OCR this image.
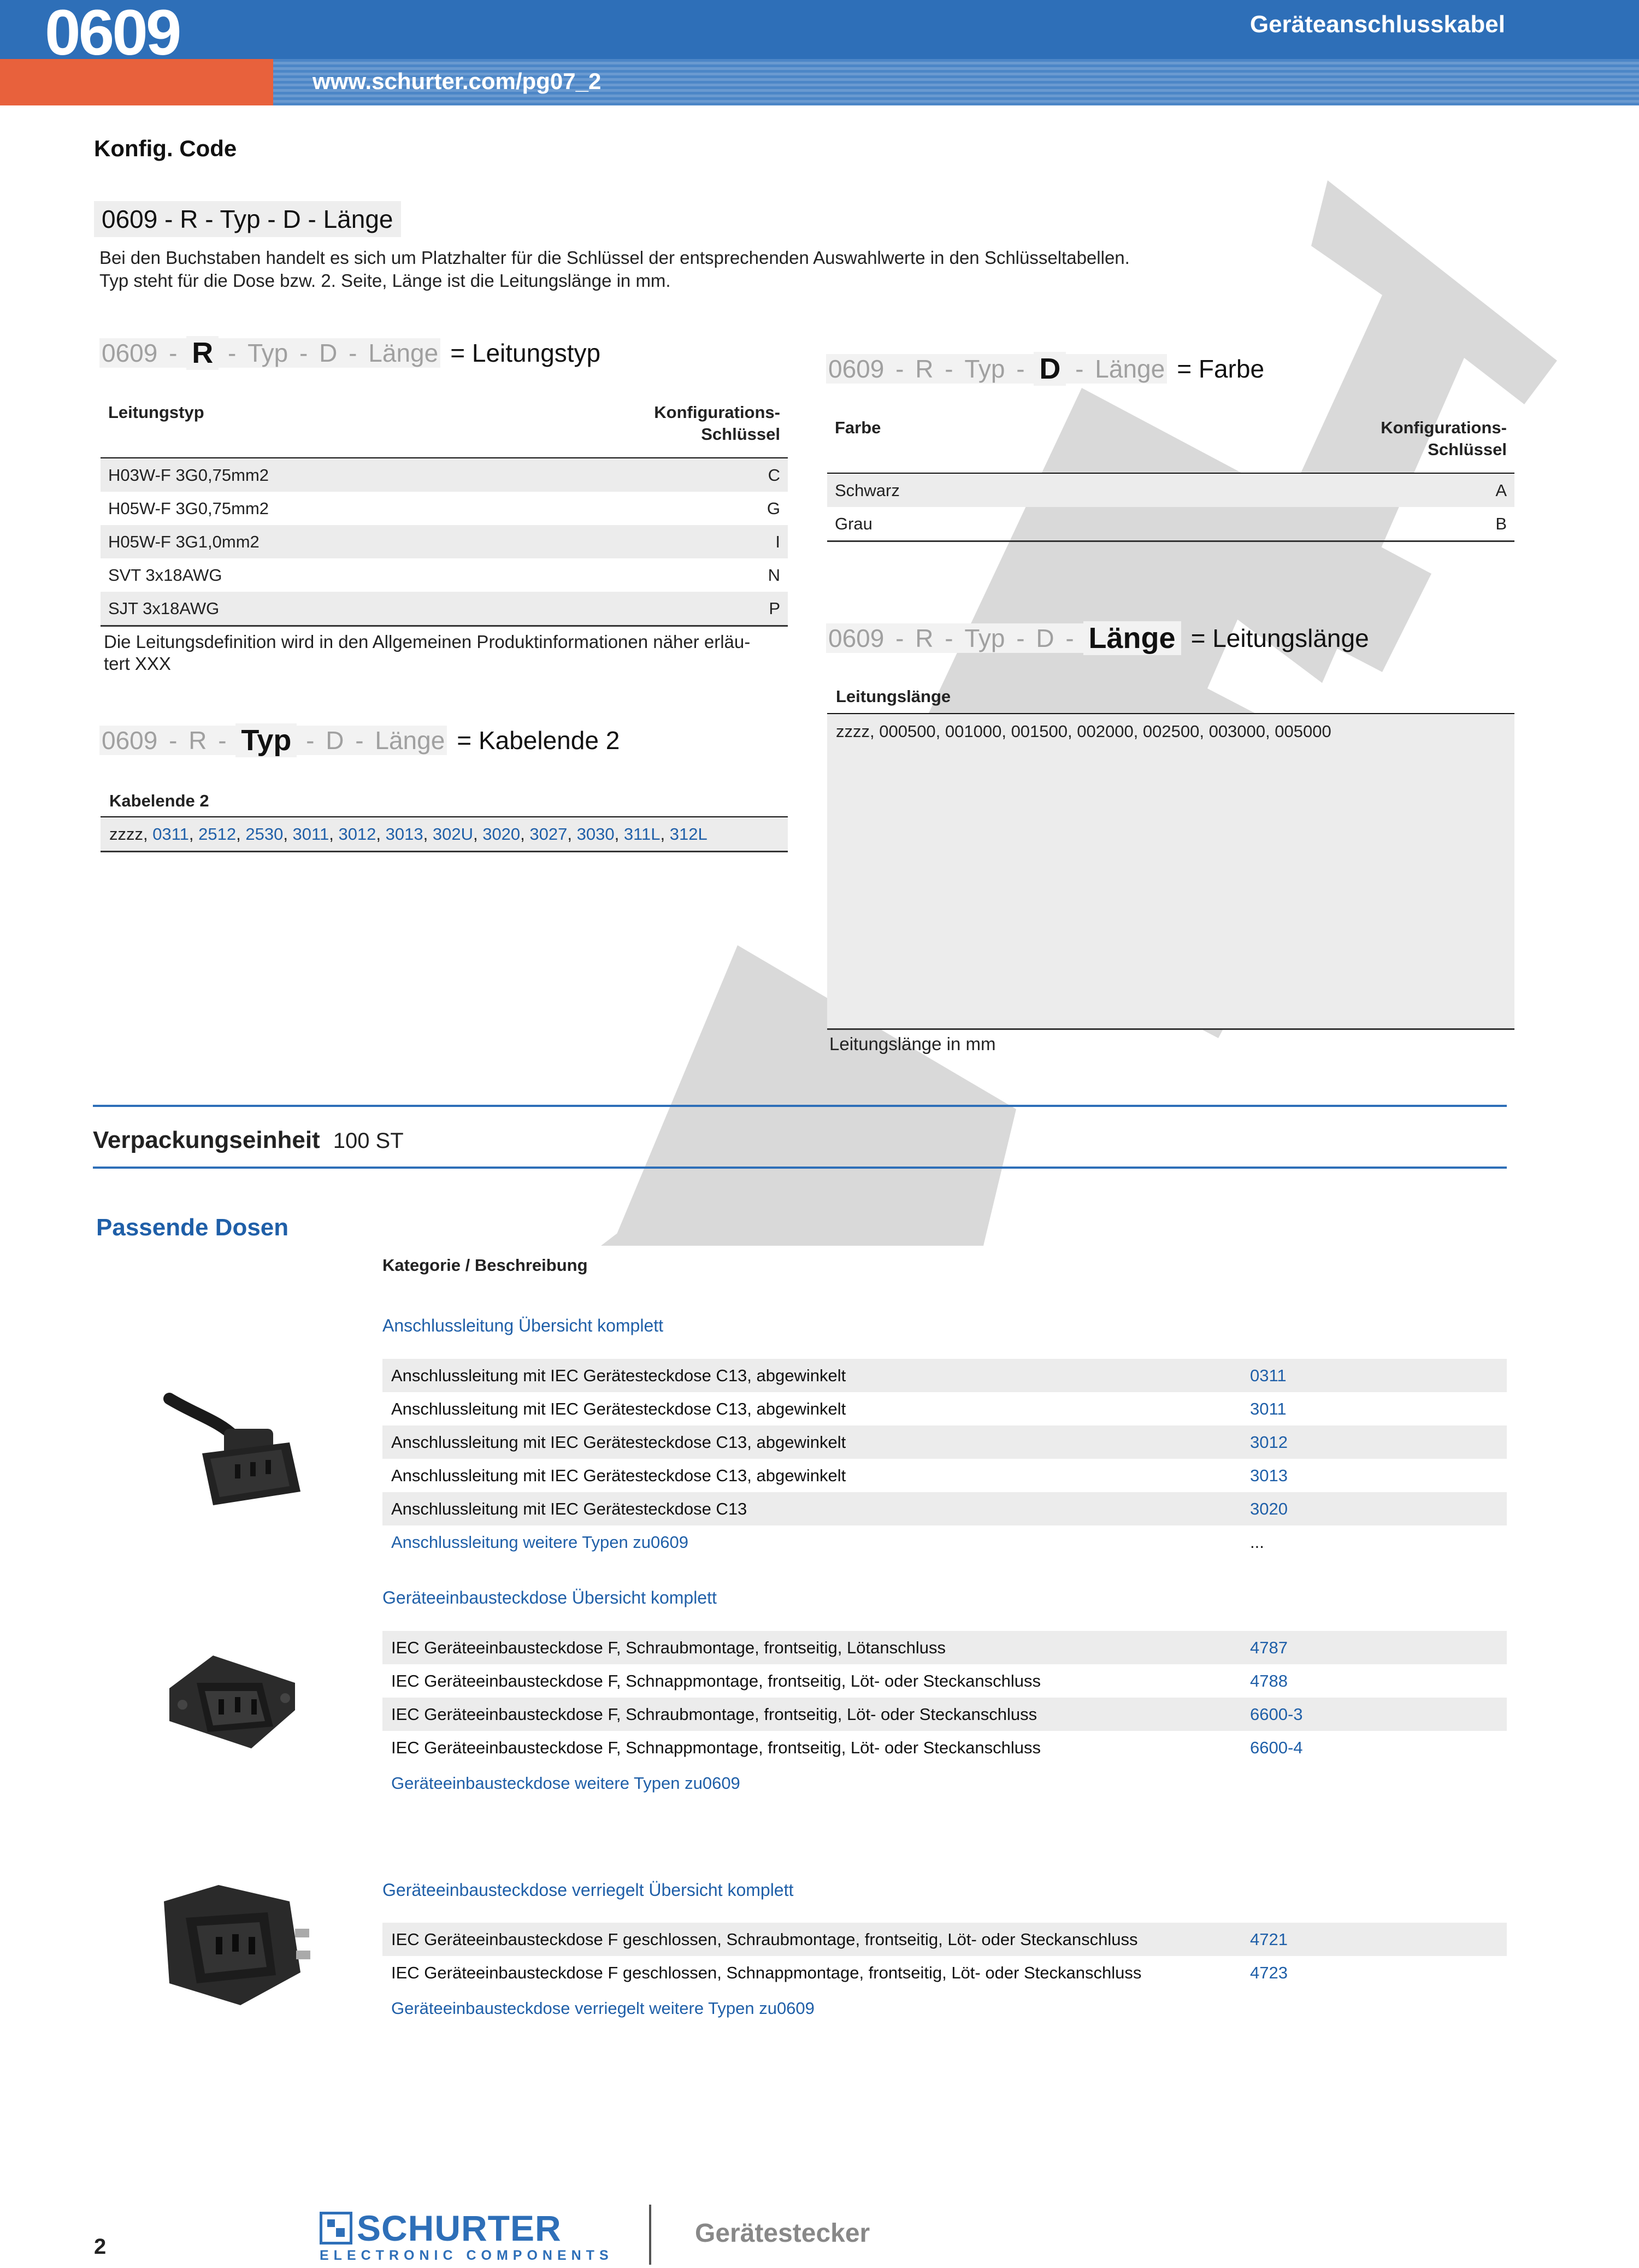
0609	Geräteanschlusskabel
www.schurter.com/pg07_2
Konfig. Code
0609 - R - Typ - D - Länge
Bei den Buchstaben handelt es sich um Platzhalter für die Schlüssel der entsprechenden Auswahlwerte in den Schlüsseltabellen.
Typ steht für die Dose bzw. 2. Seite, Länge ist die Leitungslänge in mm.
0609 - R - Typ - D - Länge = Leitungstyp
Leitungstyp	Konfigurations-
Schlüssel
H03W-F 3G0,75mm2	C
H05W-F 3G0,75mm2	G
H05W-F 3G1,0mm2	I
SVT 3x18AWG	N
SJT 3x18AWG	P
Die Leitungsdefinition wird in den Allgemeinen Produktinformationen näher erläu-
tert XXX
0609 - R - Typ - D - Länge = Kabelende 2
Kabelende 2
zzzz, 0311, 2512, 2530, 3011, 3012, 3013, 302U, 3020, 3027, 3030, 311L, 312L
0609 - R - Typ - D - Länge = Farbe
Farbe	Konfigurations-
Schlüssel
Schwarz	A
Grau	B
0609 - R - Typ - D - Länge = Leitungslänge
Leitungslänge
zzzz, 000500, 001000, 001500, 002000, 002500, 003000, 005000
Leitungslänge in mm
Verpackungseinheit 100 ST
Passende Dosen
Kategorie / Beschreibung
Anschlussleitung Übersicht komplett
Anschlussleitung mit IEC Gerätesteckdose C13, abgewinkelt	0311
Anschlussleitung mit IEC Gerätesteckdose C13, abgewinkelt	3011
Anschlussleitung mit IEC Gerätesteckdose C13, abgewinkelt	3012
Anschlussleitung mit IEC Gerätesteckdose C13, abgewinkelt	3013
Anschlussleitung mit IEC Gerätesteckdose C13	3020
Anschlussleitung weitere Typen zu0609	...
Geräteeinbausteckdose Übersicht komplett
IEC Geräteeinbausteckdose F, Schraubmontage, frontseitig, Lötanschluss	4787
IEC Geräteeinbausteckdose F, Schnappmontage, frontseitig, Löt- oder Steckanschluss	4788
IEC Geräteeinbausteckdose F, Schraubmontage, frontseitig, Löt- oder Steckanschluss	6600-3
IEC Geräteeinbausteckdose F, Schnappmontage, frontseitig, Löt- oder Steckanschluss	6600-4
Geräteeinbausteckdose weitere Typen zu0609
Geräteeinbausteckdose verriegelt Übersicht komplett
IEC Geräteeinbausteckdose F geschlossen, Schraubmontage, frontseitig, Löt- oder Steckanschluss	4721
IEC Geräteeinbausteckdose F geschlossen, Schnappmontage, frontseitig, Löt- oder Steckanschluss	4723
Geräteeinbausteckdose verriegelt weitere Typen zu0609
2	SCHURTER
ELECTRONIC COMPONENTS
Gerätestecker
